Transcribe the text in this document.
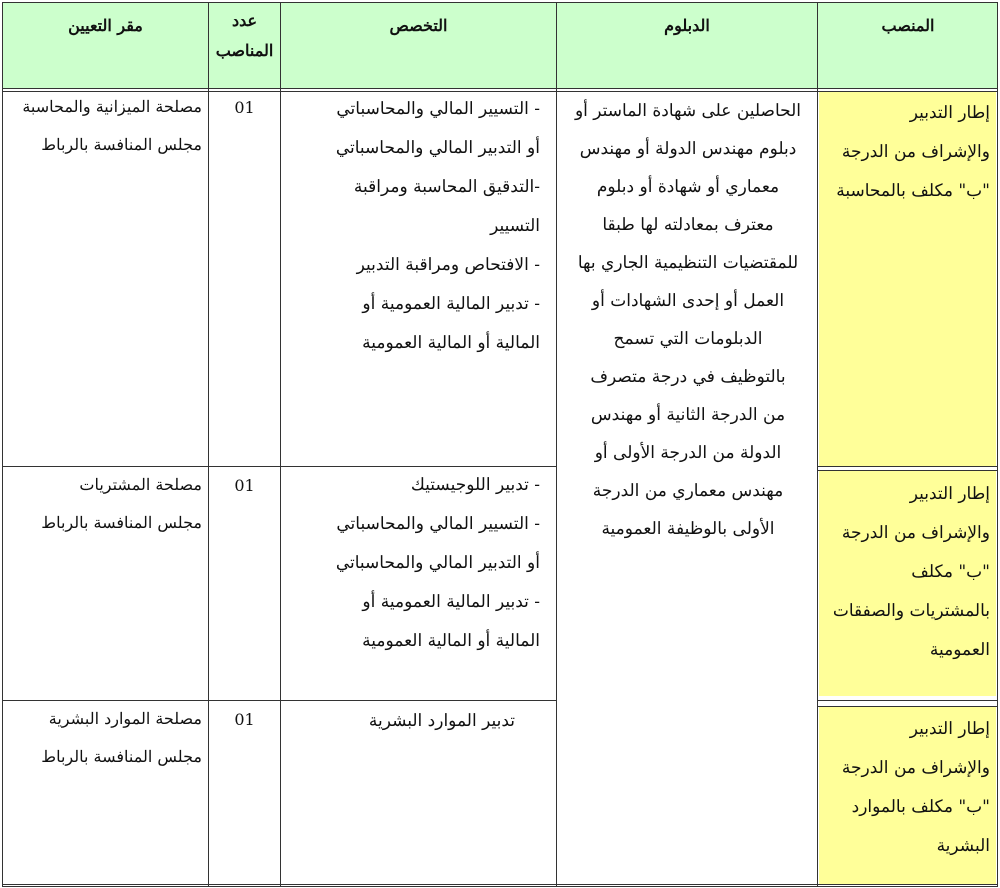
المنصب
الدبلوم
التخصص
عدد
المناصب
مقر التعيين
الحاصلين على شهادة الماستر أو
دبلوم مهندس الدولة أو مهندس
معماري أو شهادة أو دبلوم
معترف بمعادلته لها طبقا
للمقتضيات التنظيمية الجاري بها
العمل أو إحدى الشهادات أو
الدبلومات التي تسمح
بالتوظيف في درجة متصرف
من الدرجة الثانية أو مهندس
الدولة من الدرجة الأولى أو
مهندس معماري من الدرجة
الأولى بالوظيفة العمومية
إطار التدبير
والإشراف من الدرجة
"ب" مكلف بالمحاسبة
- التسيير المالي والمحاسباتي
أو التدبير المالي والمحاسباتي
-التدقيق المحاسبة ومراقبة
التسيير
- الافتحاص ومراقبة التدبير
- تدبير المالية العمومية أو
المالية أو المالية العمومية
01
مصلحة الميزانية والمحاسبة
مجلس المنافسة بالرباط
إطار التدبير
والإشراف من الدرجة
"ب" مكلف
بالمشتريات والصفقات
العمومية
- تدبير اللوجيستيك
- التسيير المالي والمحاسباتي
أو التدبير المالي والمحاسباتي
- تدبير المالية العمومية أو
المالية أو المالية العمومية
01
مصلحة المشتريات
مجلس المنافسة بالرباط
إطار التدبير
والإشراف من الدرجة
"ب" مكلف بالموارد
البشرية
تدبير الموارد البشرية
01
مصلحة الموارد البشرية
مجلس المنافسة بالرباط
